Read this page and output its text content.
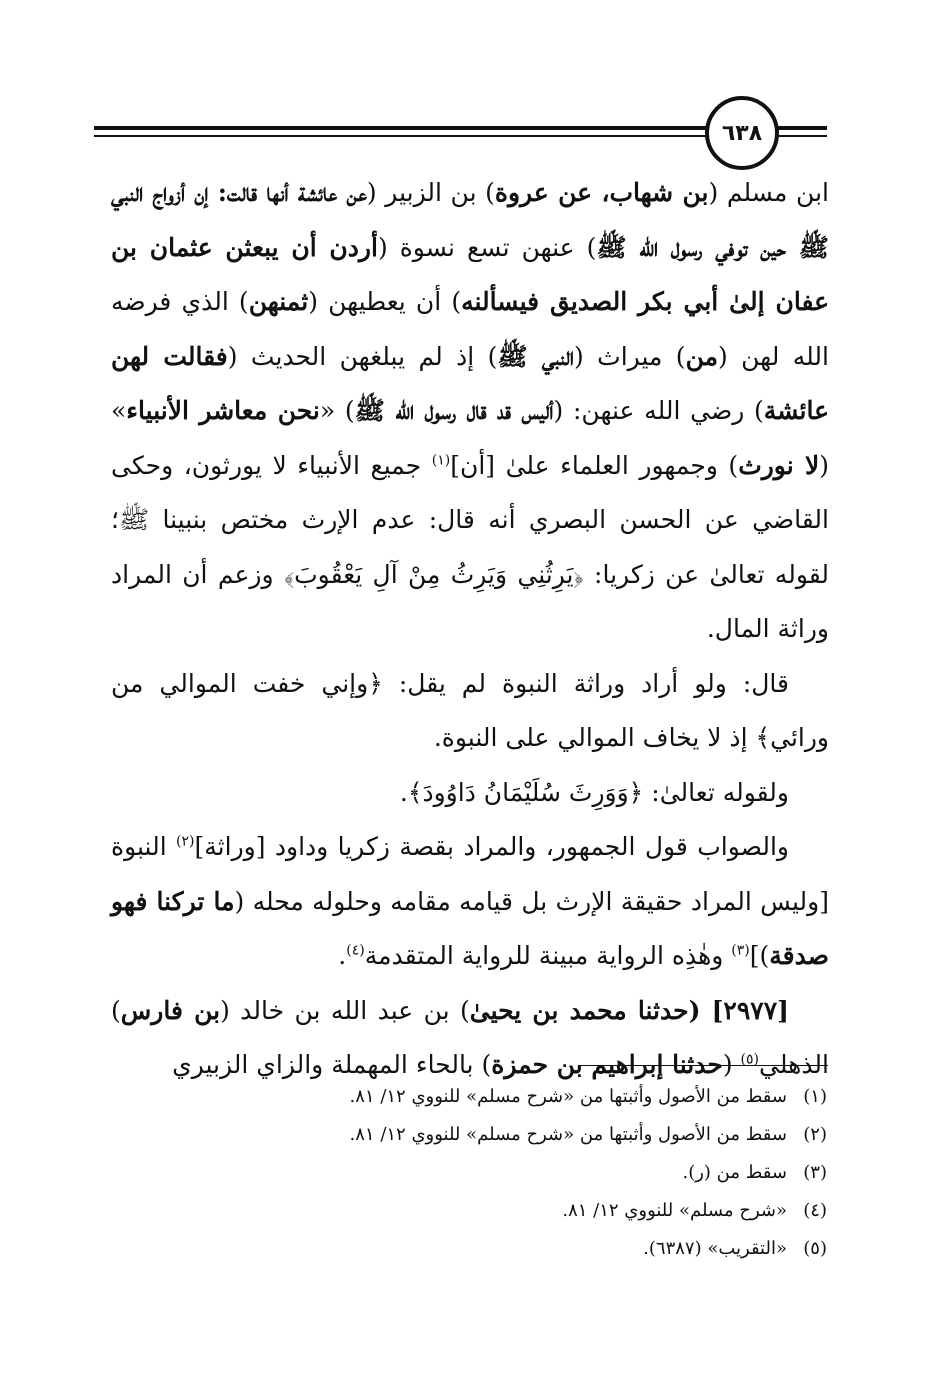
٦٣٨

ابن مسلم (بن شهاب، عن عروة) بن الزبير (عن عائشة أنها قالت: إن أزواج النبي ﷺ حين توفي رسول الله ﷺ) عنهن تسع نسوة (أردن أن يبعثن عثمان بن عفان إلىٰ أبي بكر الصديق فيسألنه) أن يعطيهن (ثمنهن) الذي فرضه الله لهن (من) ميراث (النبي ﷺ) إذ لم يبلغهن الحديث (فقالت لهن عائشة) رضي الله عنهن: (أليس قد قال رسول الله ﷺ) «نحن معاشر الأنبياء» (لا نورث) وجمهور العلماء علىٰ [أن]$^{(١)}$ جميع الأنبياء لا يورثون، وحكى القاضي عن الحسن البصري أنه قال: عدم الإرث مختص بنبينا ﷺ؛ لقوله تعالىٰ عن زكريا: ﴿يَرِثُنِي وَيَرِثُ مِنْ آلِ يَعْقُوبَ﴾ وزعم أن المراد وراثة المال.

قال: ولو أراد وراثة النبوة لم يقل: ﴿وإني خفت الموالي من ورائي﴾ إذ لا يخاف الموالي على النبوة.

ولقوله تعالىٰ: ﴿وَوَرِثَ سُلَيْمَانُ دَاوُودَ﴾.

والصواب قول الجمهور، والمراد بقصة زكريا وداود [وراثة]$^{(٢)}$ النبوة [وليس المراد حقيقة الإرث بل قيامه مقامه وحلوله محله (ما تركنا فهو صدقة)]$^{(٣)}$ وهٰذِه الرواية مبينة للرواية المتقدمة$^{(٤)}$.

[٢٩٧٧] (حدثنا محمد بن يحيىٰ) بن عبد الله بن خالد (بن فارس) الذهلي$^{(٥)}$ (حدثنا إبراهيم بن حمزة) بالحاء المهملة والزاي الزبيري

(١)سقط من الأصول وأثبتها من «شرح مسلم» للنووي ١٢/ ٨١.
(٢)سقط من الأصول وأثبتها من «شرح مسلم» للنووي ١٢/ ٨١.
(٣)سقط من (ر).
(٤)«شرح مسلم» للنووي ١٢/ ٨١.
(٥)«التقريب» (٦٣٨٧).
